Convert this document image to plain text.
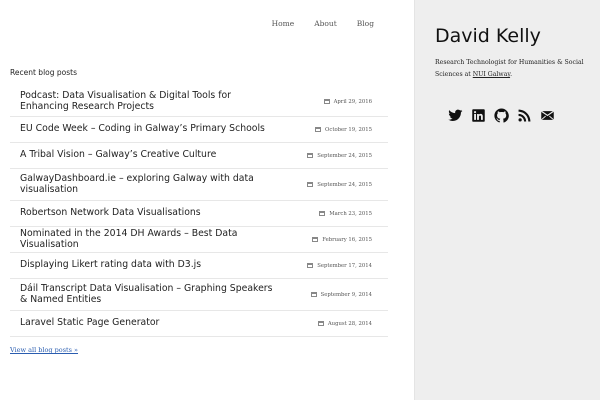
Home	About	Blog
Recent blog posts
Podcast: Data Visualisation & Digital Tools for Enhancing Research Projects	April 29, 2016
EU Code Week – Coding in Galway’s Primary Schools	October 19, 2015
A Tribal Vision – Galway’s Creative Culture	September 24, 2015
GalwayDashboard.ie – exploring Galway with data visualisation	September 24, 2015
Robertson Network Data Visualisations	March 23, 2015
Nominated in the 2014 DH Awards – Best Data Visualisation	February 16, 2015
Displaying Likert rating data with D3.js	September 17, 2014
Dáil Transcript Data Visualisation – Graphing Speakers & Named Entities	September 9, 2014
Laravel Static Page Generator	August 28, 2014
View all blog posts »
David Kelly

Research Technologist for Humanities & Social Sciences at NUI Galway.
